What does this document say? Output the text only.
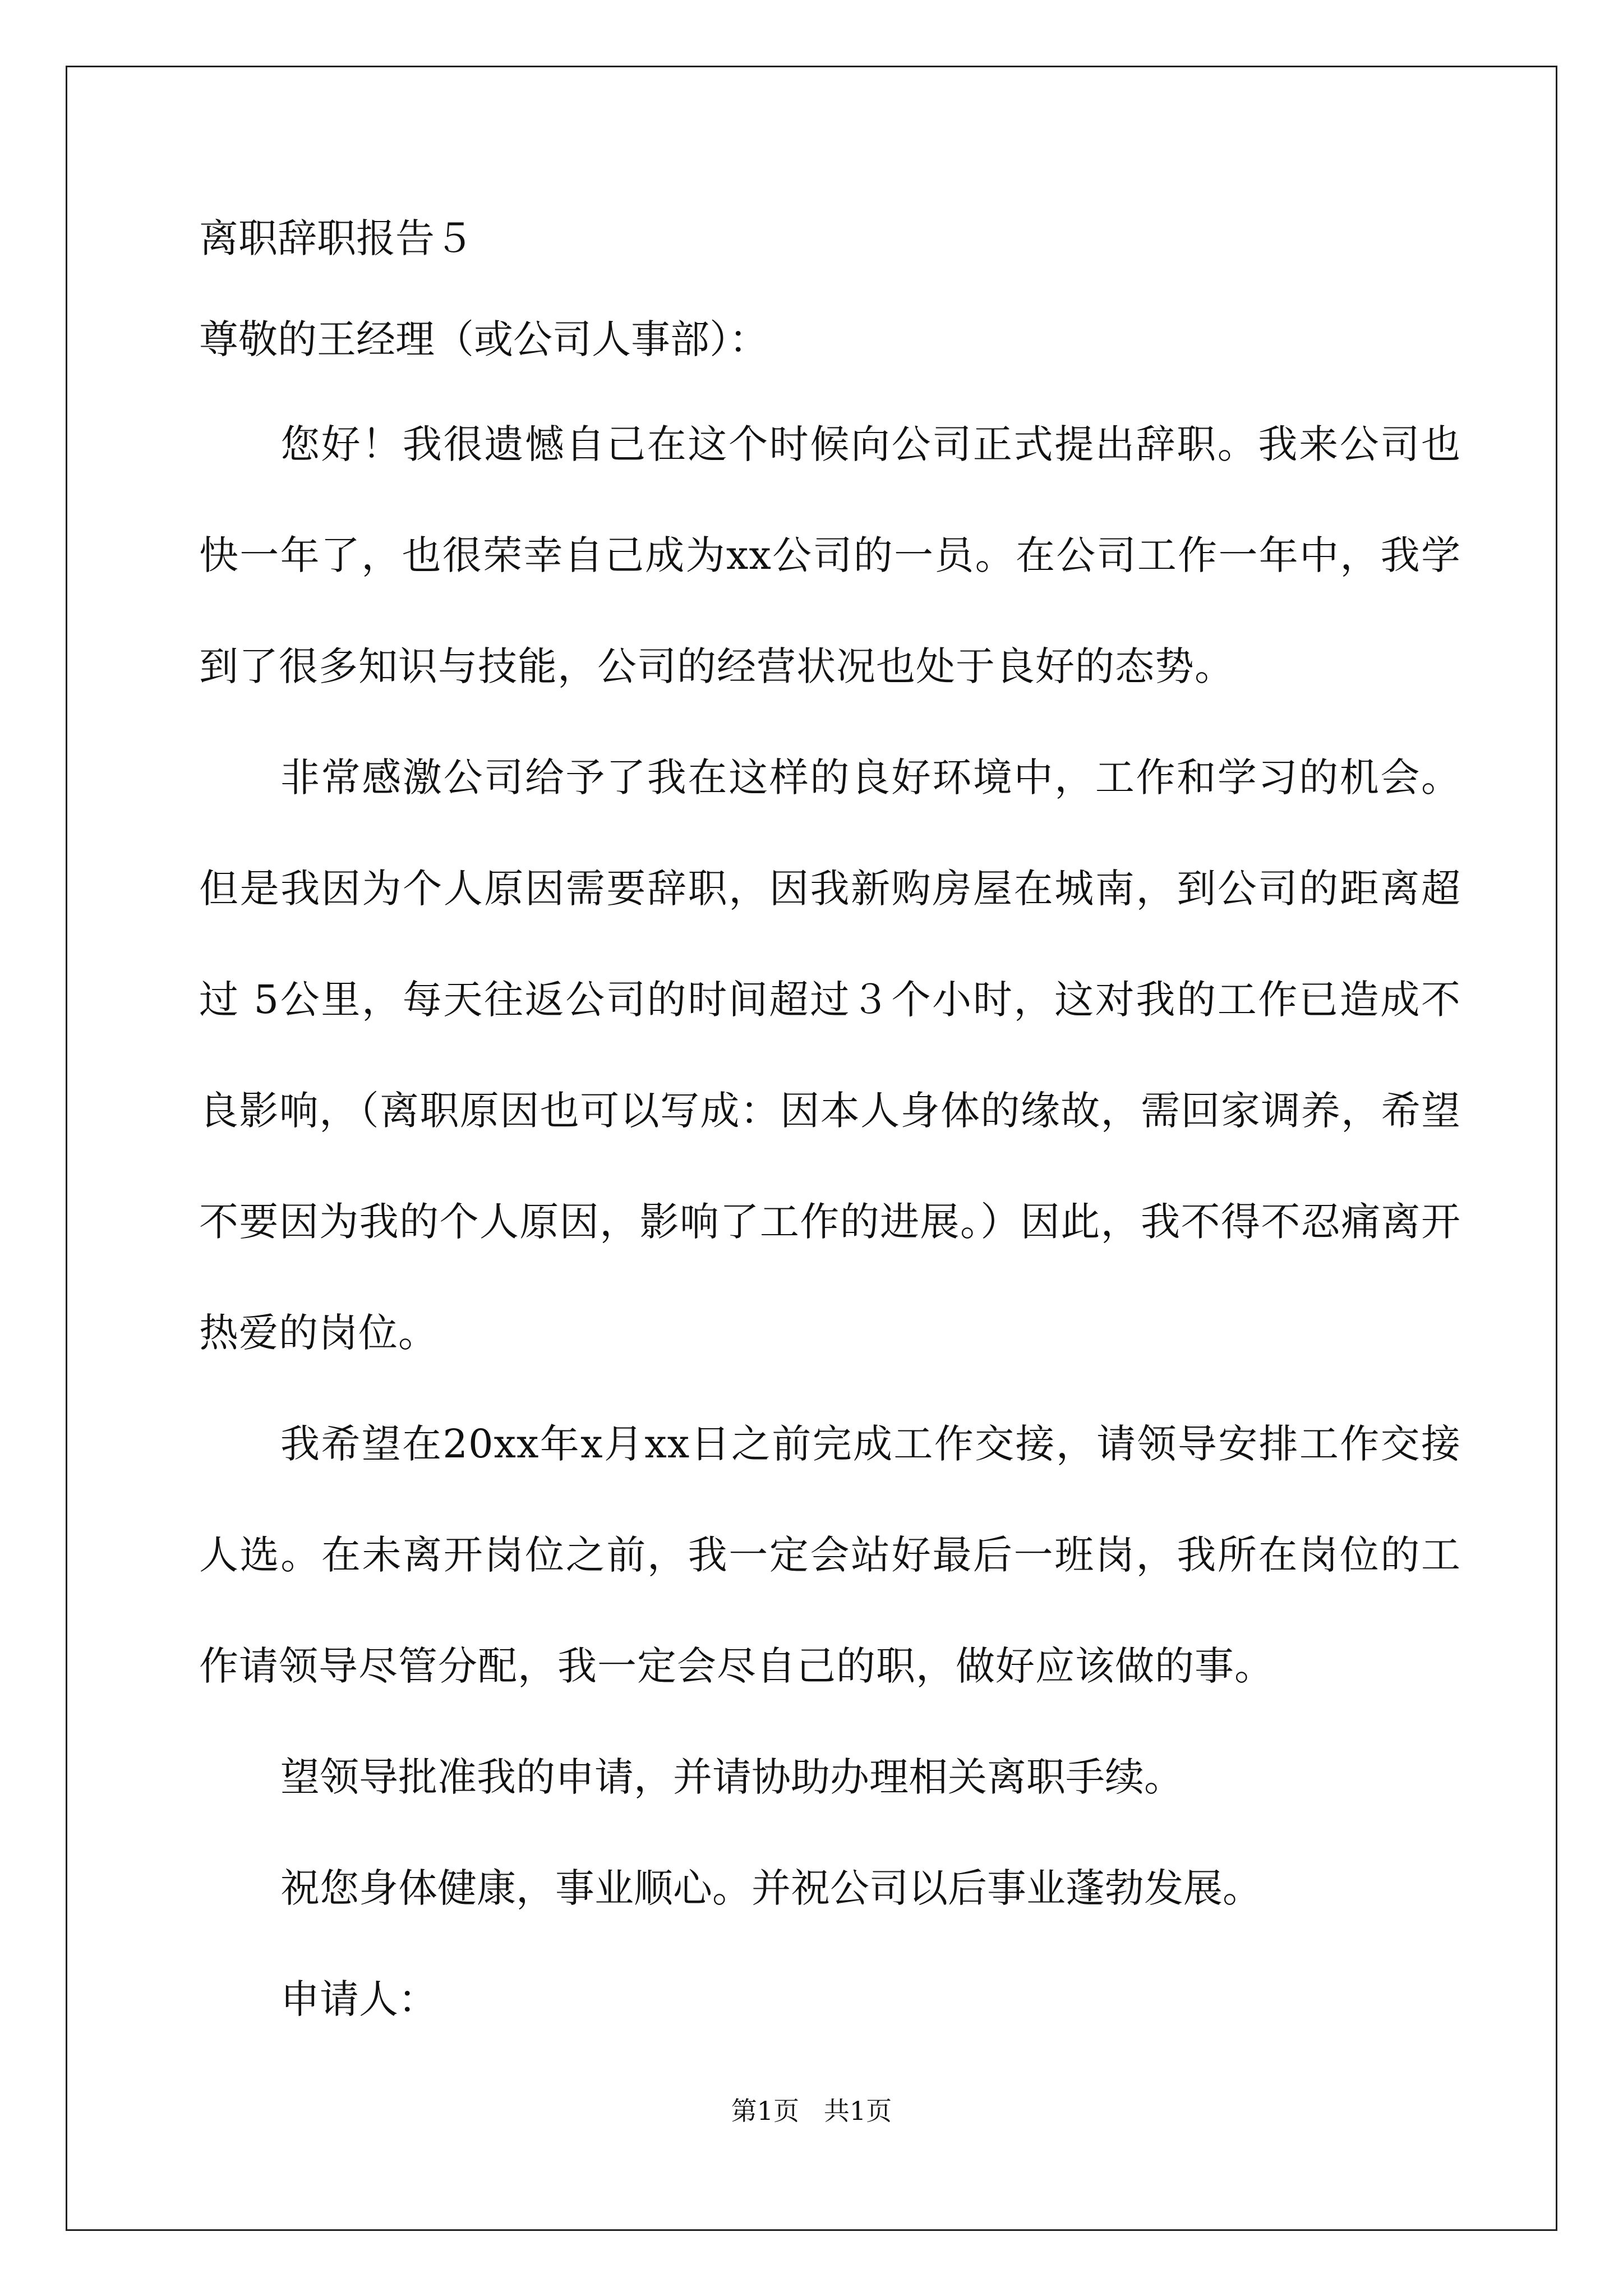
离职辞职报告５
尊敬的王经理（或公司人事部）：

您好！我很遗憾自己在这个时候向公司正式提出辞职。我来公司也快一年了，也很荣幸自己成为xx公司的一员。在公司工作一年中，我学到了很多知识与技能，公司的经营状况也处于良好的态势。

非常感激公司给予了我在这样的良好环境中，工作和学习的机会。但是我因为个人原因需要辞职，因我新购房屋在城南，到公司的距离超过 5公里，每天往返公司的时间超过３个小时，这对我的工作已造成不良影响，（离职原因也可以写成：因本人身体的缘故，需回家调养，希望不要因为我的个人原因，影响了工作的进展。）因此，我不得不忍痛离开热爱的岗位。

我希望在20xx年x月xx日之前完成工作交接，请领导安排工作交接人选。在未离开岗位之前，我一定会站好最后一班岗，我所在岗位的工作请领导尽管分配，我一定会尽自己的职，做好应该做的事。

望领导批准我的申请，并请协助办理相关离职手续。

祝您身体健康，事业顺心。并祝公司以后事业蓬勃发展。

申请人：

第1页   共1页
